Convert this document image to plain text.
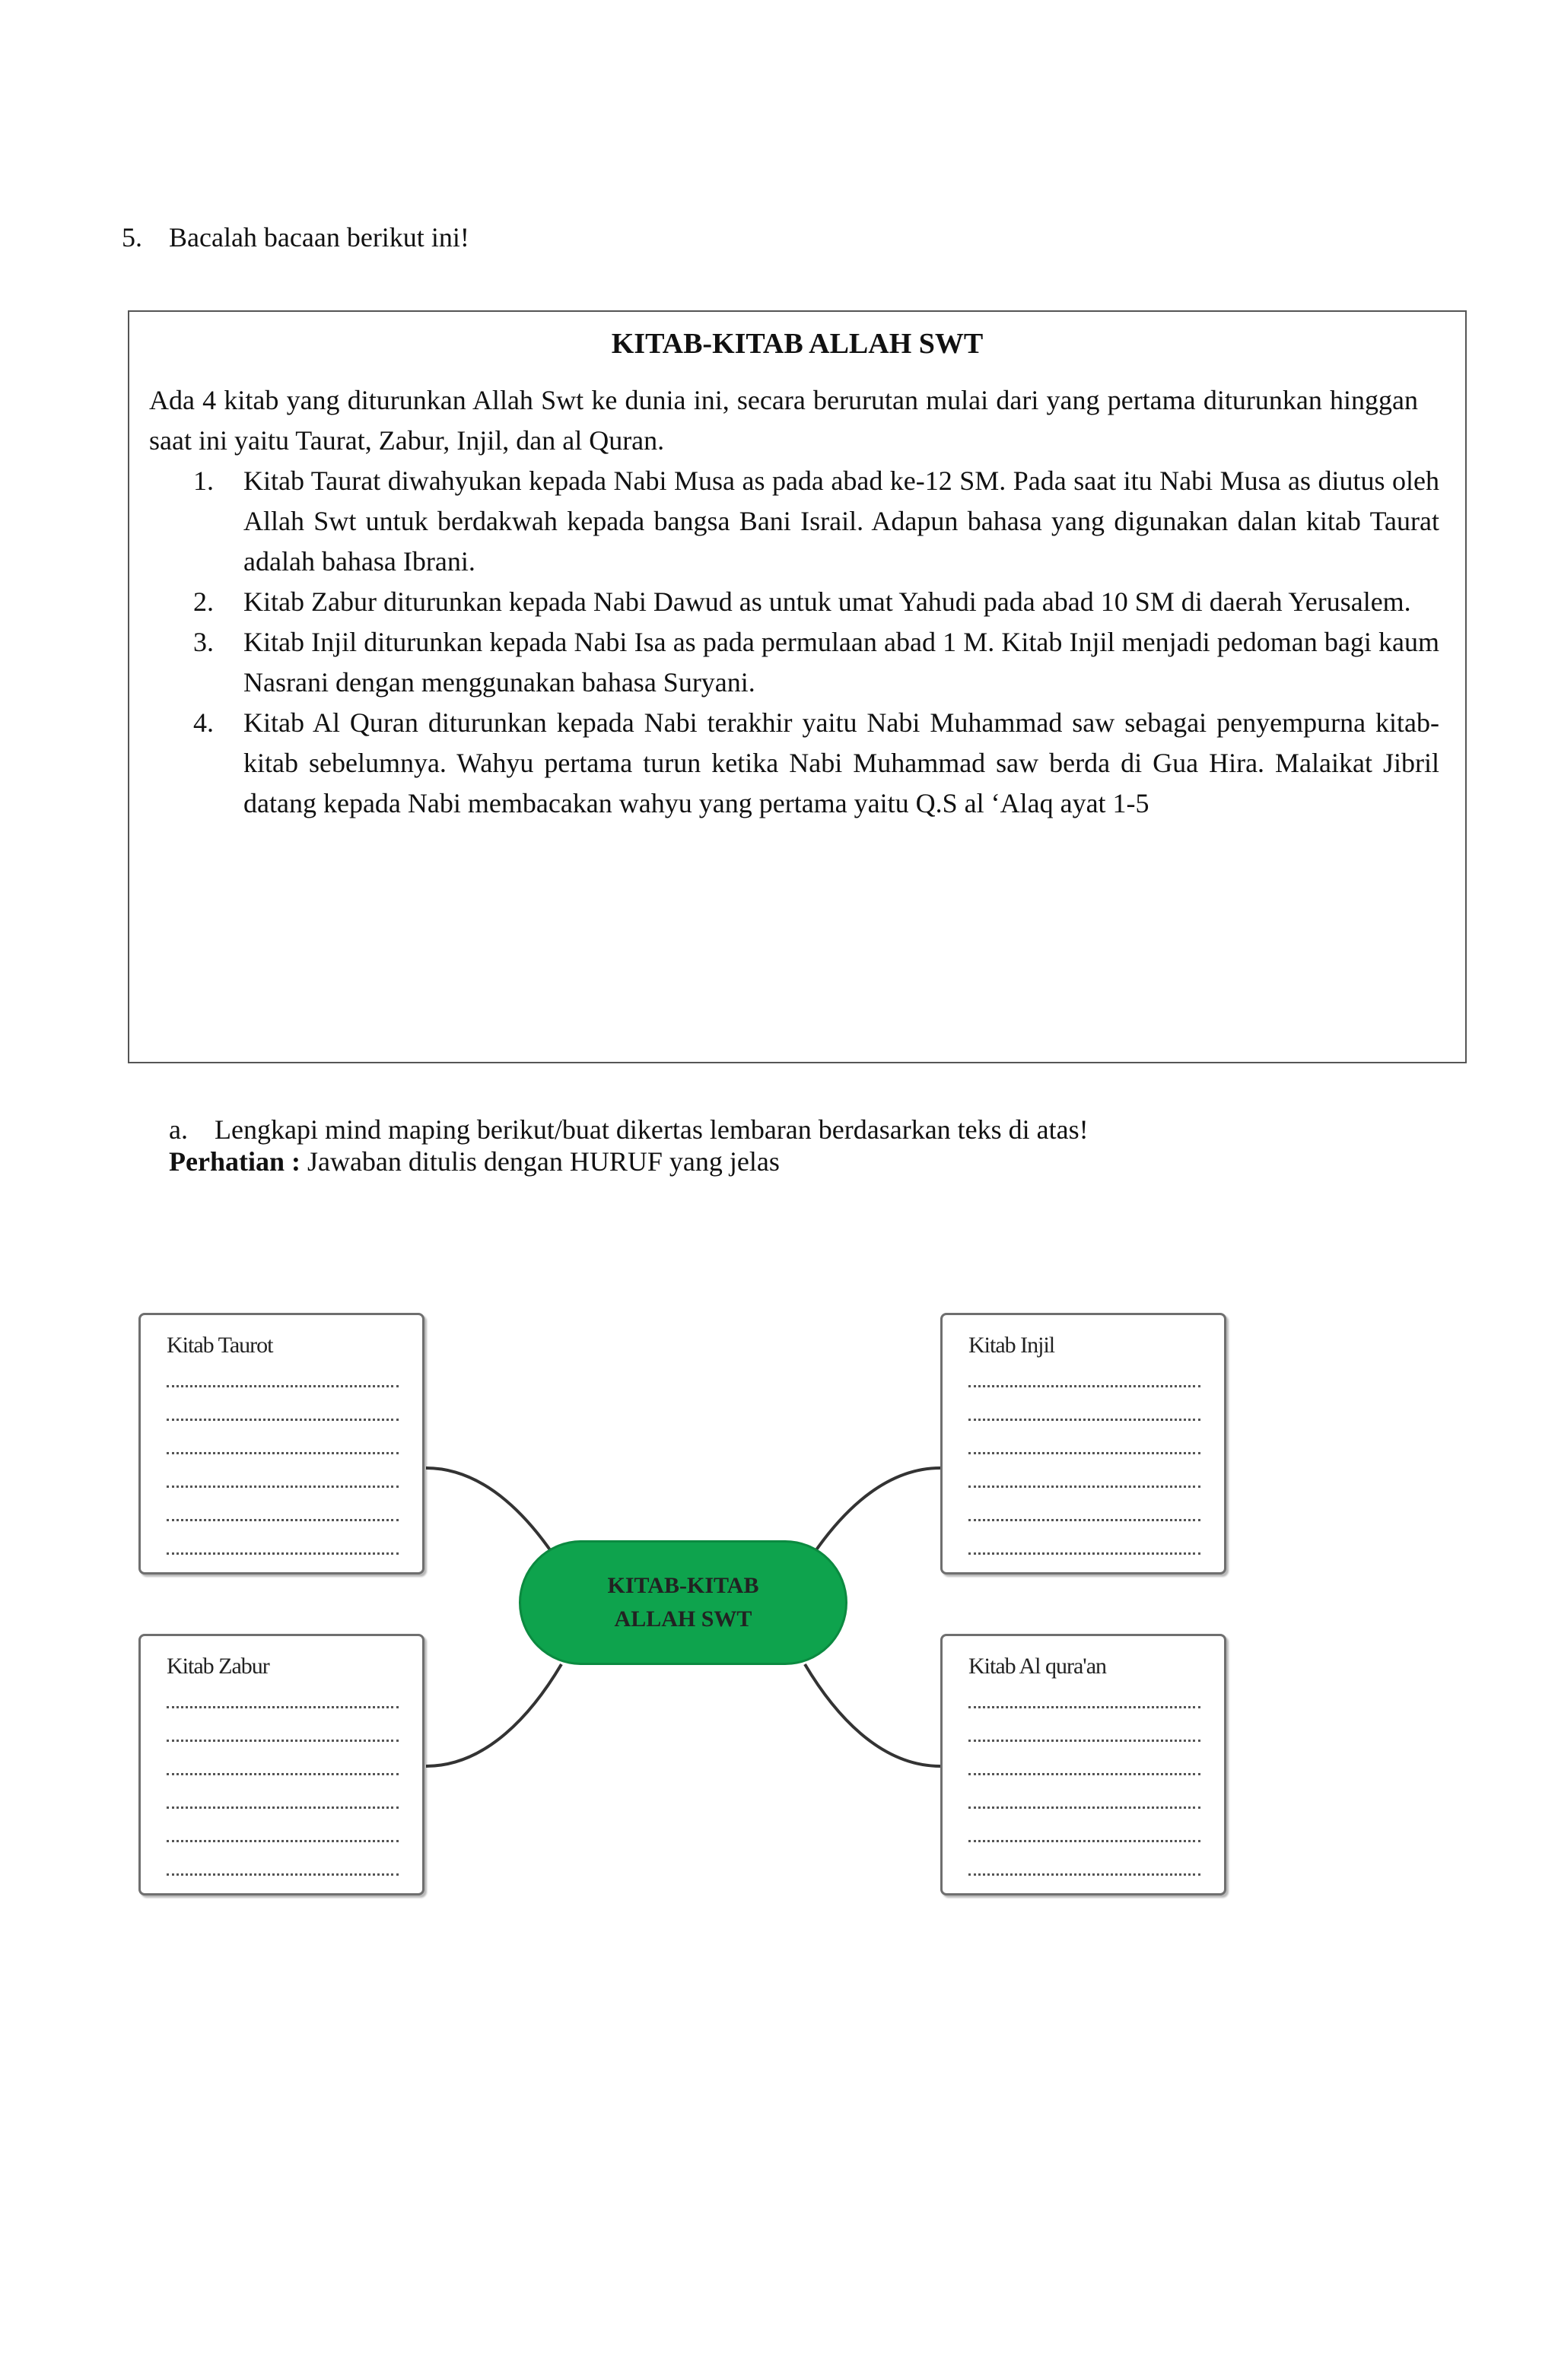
5. Bacalah bacaan berikut ini!
KITAB-KITAB ALLAH SWT
Ada 4 kitab yang diturunkan Allah Swt ke dunia ini, secara berurutan mulai dari yang pertama diturunkan hinggan saat ini yaitu Taurat, Zabur, Injil, dan al Quran.
1.	Kitab Taurat diwahyukan kepada Nabi Musa as pada abad ke-12 SM. Pada saat itu Nabi Musa as diutus oleh Allah Swt untuk berdakwah kepada bangsa Bani Israil. Adapun bahasa yang digunakan dalan kitab Taurat adalah bahasa Ibrani.
2.	Kitab Zabur diturunkan kepada Nabi Dawud as untuk umat Yahudi pada abad 10 SM di daerah Yerusalem.
3.	Kitab Injil diturunkan kepada Nabi Isa as pada permulaan abad 1 M. Kitab Injil menjadi pedoman bagi kaum Nasrani dengan menggunakan bahasa Suryani.
4.	Kitab Al Quran diturunkan kepada Nabi terakhir yaitu Nabi Muhammad saw sebagai penyempurna kitab-kitab sebelumnya. Wahyu pertama turun ketika Nabi Muhammad saw berda di Gua Hira. Malaikat Jibril datang kepada Nabi membacakan wahyu yang pertama yaitu Q.S al ‘Alaq ayat 1-5
a. Lengkapi mind maping berikut/buat dikertas lembaran berdasarkan teks di atas!
Perhatian : Jawaban ditulis dengan HURUF yang jelas
Kitab Taurot	Kitab Injil
Kitab Zabur	Kitab Al qura'an
KITAB-KITAB
ALLAH SWT
